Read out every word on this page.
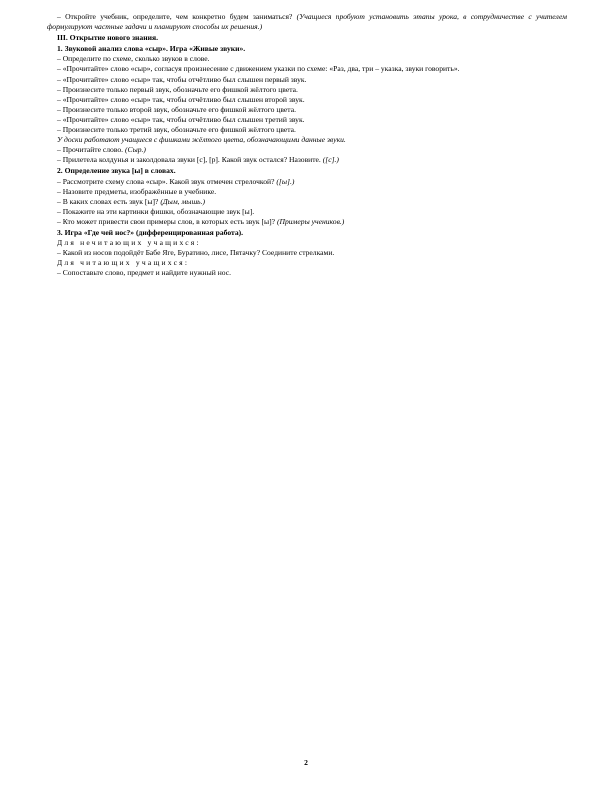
– Откройте учебник, определите, чем конкретно будем заниматься? (Учащиеся пробуют установить этапы урока, в сотрудничестве с учителем формулируют частные задачи и планируют способы их решения.)

III. Открытие нового знания.

1. Звуковой анализ слова «сыр». Игра «Живые звуки».

– Определите по схеме, сколько звуков в слове.

– «Прочитайте» слово «сыр», согласуя произнесение с движением указки по схеме: «Раз, два, три – указка, звуки говорить».

– «Прочитайте» слово «сыр» так, чтобы отчётливо был слышен первый звук.

– Произнесите только первый звук, обозначьте его фишкой жёлтого цвета.

– «Прочитайте» слово «сыр» так, чтобы отчётливо был слышен второй звук.

– Произнесите только второй звук, обозначьте его фишкой жёлтого цвета.

– «Прочитайте» слово «сыр» так, чтобы отчётливо был слышен третий звук.

– Произнесите только третий звук, обозначьте его фишкой жёлтого цвета.

У доски работают учащиеся с фишками жёлтого цвета, обозначающими данные звуки.

– Прочитайте слово. (Сыр.)

– Прилетела колдунья и заколдовала звуки [с], [р]. Какой звук остался? Назовите. ([с].)

2. Определение звука [ы] в словах.

– Рассмотрите схему слова «сыр». Какой звук отмечен стрелочкой? ([ы].)

– Назовите предметы, изображённые в учебнике.

– В каких словах есть звук [ы]? (Дым, мышь.)

– Покажите на эти картинки фишки, обозначающие звук [ы].

– Кто может привести свои примеры слов, в которых есть звук [ы]? (Примеры учеников.)

3. Игра «Где чей нос?» (дифференцированная работа).

Для нечитающих учащихся:

– Какой из носов подойдёт Бабе Яге, Буратино, лисе, Пятачку? Соедините стрелками.

Для читающих учащихся:

– Сопоставьте слово, предмет и найдите нужный нос.

2
